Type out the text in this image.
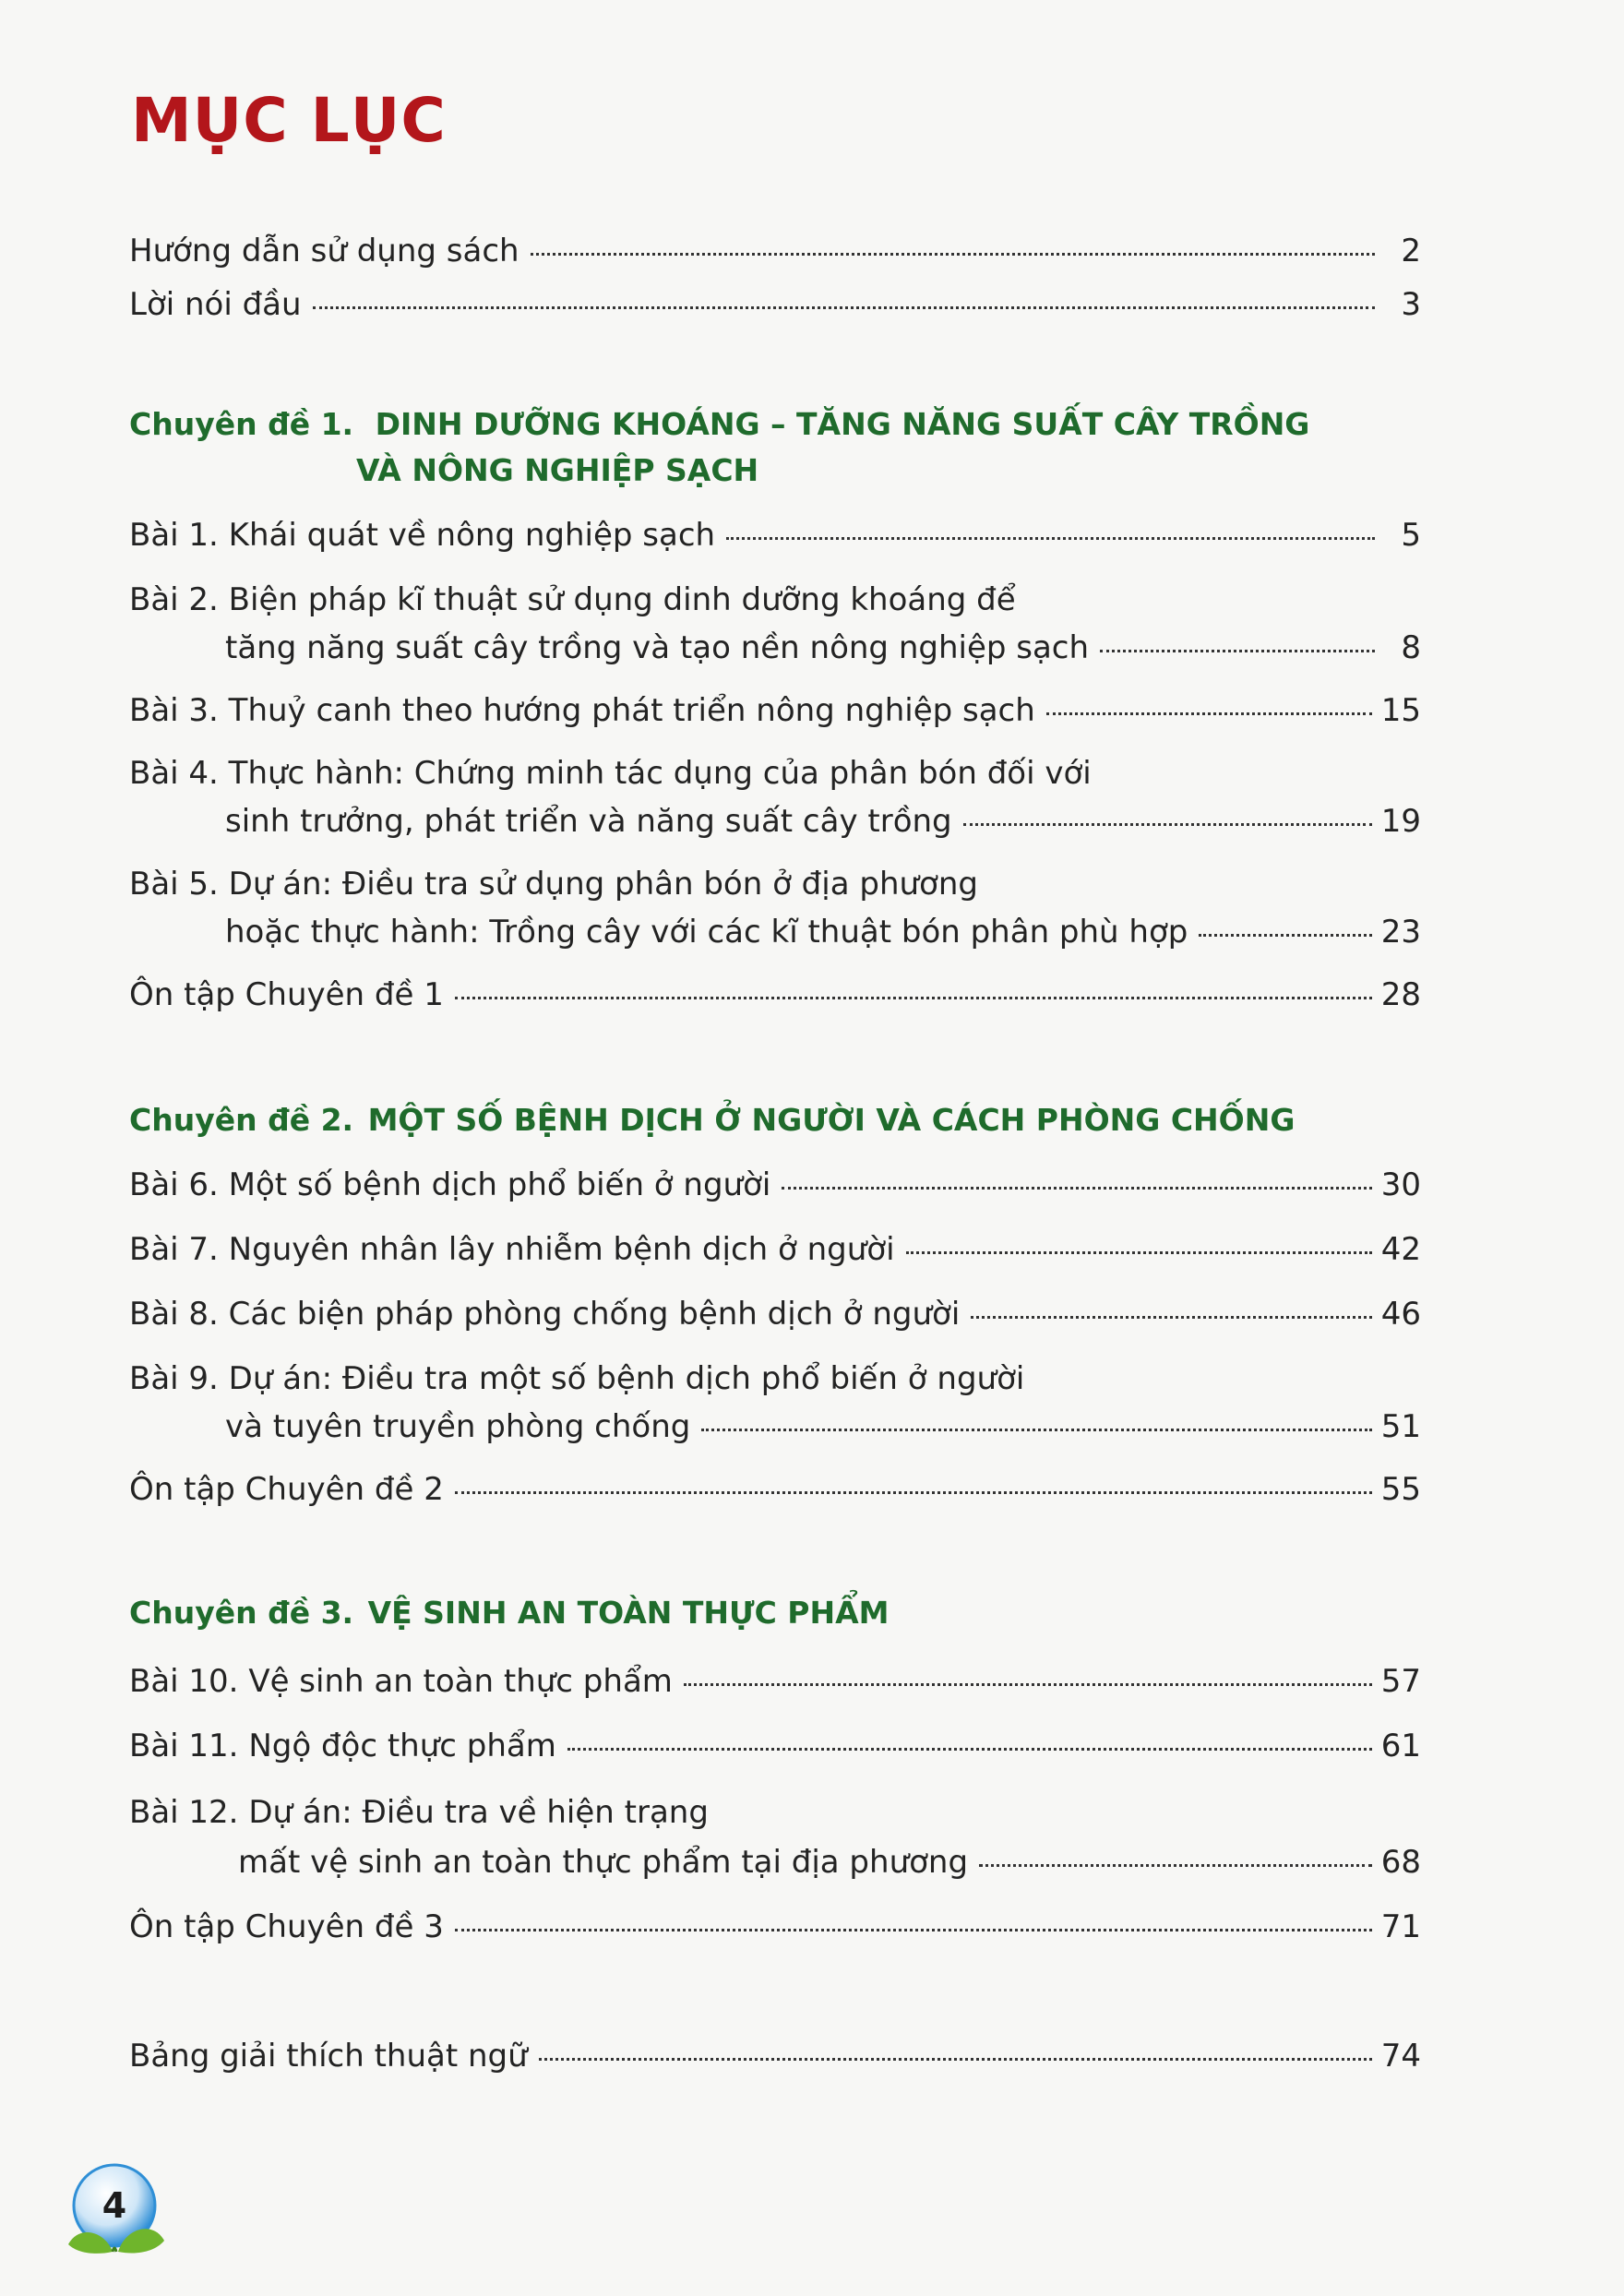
MỤC LỤC
Hướng dẫn sử dụng sách	2
Lời nói đầu	3
Chuyên đề 1. DINH DƯỠNG KHOÁNG – TĂNG NĂNG SUẤT CÂY TRỒNG
VÀ NÔNG NGHIỆP SẠCH
Bài 1. Khái quát về nông nghiệp sạch	5
Bài 2. Biện pháp kĩ thuật sử dụng dinh dưỡng khoáng để
tăng năng suất cây trồng và tạo nền nông nghiệp sạch	8
Bài 3. Thuỷ canh theo hướng phát triển nông nghiệp sạch	15
Bài 4. Thực hành: Chứng minh tác dụng của phân bón đối với
sinh trưởng, phát triển và năng suất cây trồng	19
Bài 5. Dự án: Điều tra sử dụng phân bón ở địa phương
hoặc thực hành: Trồng cây với các kĩ thuật bón phân phù hợp	23
Ôn tập Chuyên đề 1	28
Chuyên đề 2. MỘT SỐ BỆNH DỊCH Ở NGƯỜI VÀ CÁCH PHÒNG CHỐNG
Bài 6. Một số bệnh dịch phổ biến ở người	30
Bài 7. Nguyên nhân lây nhiễm bệnh dịch ở người	42
Bài 8. Các biện pháp phòng chống bệnh dịch ở người	46
Bài 9. Dự án: Điều tra một số bệnh dịch phổ biến ở người
và tuyên truyền phòng chống	51
Ôn tập Chuyên đề 2	55
Chuyên đề 3. VỆ SINH AN TOÀN THỰC PHẨM
Bài 10. Vệ sinh an toàn thực phẩm	57
Bài 11. Ngộ độc thực phẩm	61
Bài 12. Dự án: Điều tra về hiện trạng
mất vệ sinh an toàn thực phẩm tại địa phương	68
Ôn tập Chuyên đề 3	71
Bảng giải thích thuật ngữ	74
4
